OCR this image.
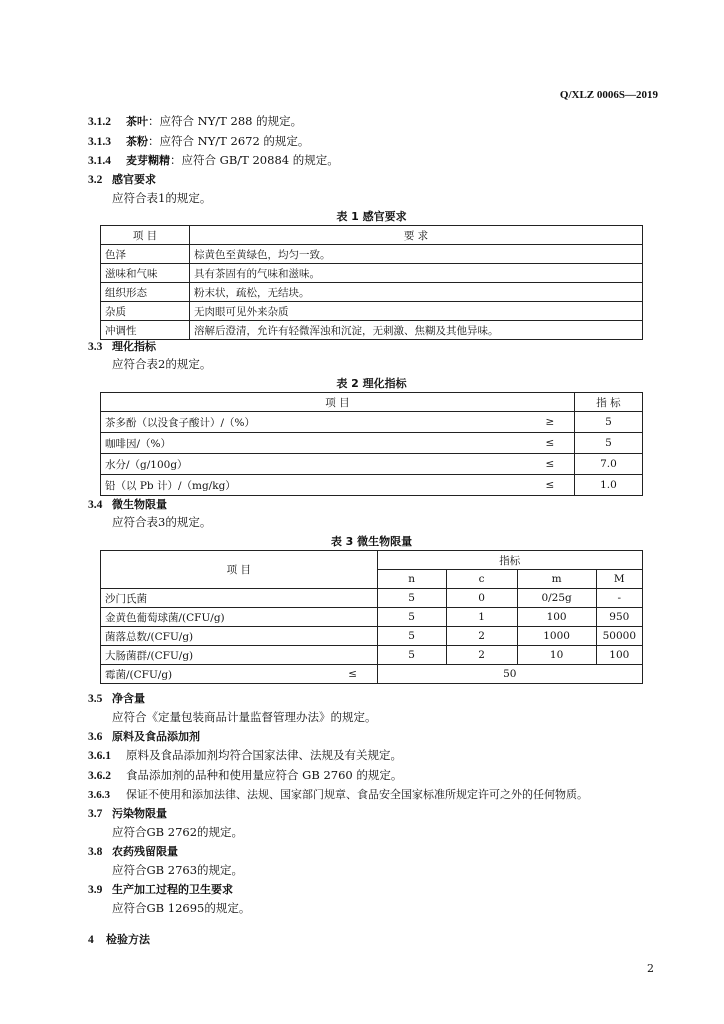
Q/XLZ 0006S—2019
3.1.2 茶叶：应符合 NY/T 288 的规定。
3.1.3 茶粉：应符合 NY/T 2672 的规定。
3.1.4 麦芽糊精：应符合 GB/T 20884 的规定。
3.2 感官要求
应符合表1的规定。
表 1 感官要求
项 目	要 求
色泽	棕黄色至黄绿色，均匀一致。
滋味和气味	具有茶固有的气味和滋味。
组织形态	粉末状，疏松，无结块。
杂质	无肉眼可见外来杂质
冲调性	溶解后澄清，允许有轻微浑浊和沉淀，无刺激、焦糊及其他异味。
3.3 理化指标
应符合表2的规定。
表 2 理化指标
项 目		指 标
茶多酚（以没食子酸计）/（%）	≥	5
咖啡因/（%）	≤	5
水分/（g/100g）	≤	7.0
铅（以 Pb 计）/（mg/kg）	≤	1.0
3.4 微生物限量
应符合表3的规定。
表 3 微生物限量
项 目		指标			
		n	c	m	M
沙门氏菌		5	0	0/25g	-
金黄色葡萄球菌/(CFU/g)		5	1	100	950
菌落总数/(CFU/g)		5	2	1000	50000
大肠菌群/(CFU/g)		5	2	10	100
霉菌/(CFU/g)	≤	50			
3.5 净含量
应符合《定量包装商品计量监督管理办法》的规定。
3.6 原料及食品添加剂
3.6.1 原料及食品添加剂均符合国家法律、法规及有关规定。
3.6.2 食品添加剂的品种和使用量应符合 GB 2760 的规定。
3.6.3 保证不使用和添加法律、法规、国家部门规章、食品安全国家标准所规定许可之外的任何物质。
3.7 污染物限量
应符合GB 2762的规定。
3.8 农药残留限量
应符合GB 2763的规定。
3.9 生产加工过程的卫生要求
应符合GB 12695的规定。
4 检验方法
2
